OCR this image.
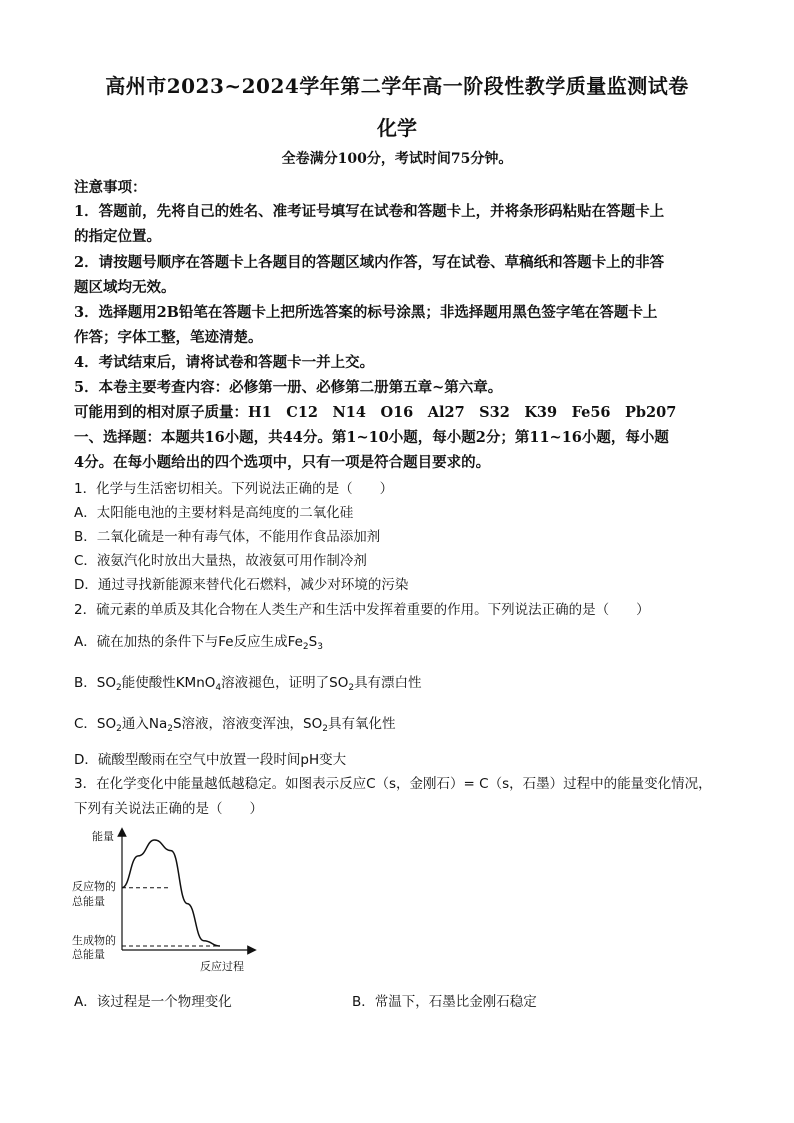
高州市2023~2024学年第二学年高一阶段性教学质量监测试卷
化学
全卷满分100分，考试时间75分钟。
注意事项：
1．答题前，先将自己的姓名、准考证号填写在试卷和答题卡上，并将条形码粘贴在答题卡上
的指定位置。
2．请按题号顺序在答题卡上各题目的答题区域内作答，写在试卷、草稿纸和答题卡上的非答
题区域均无效。
3．选择题用2B铅笔在答题卡上把所选答案的标号涂黑；非选择题用黑色签字笔在答题卡上
作答；字体工整，笔迹清楚。
4．考试结束后，请将试卷和答题卡一并上交。
5．本卷主要考查内容：必修第一册、必修第二册第五章~第六章。
可能用到的相对原子质量：H1　C12　N14　O16　Al27　S32　K39　Fe56　Pb207
一、选择题：本题共16小题，共44分。第1~10小题，每小题2分；第11~16小题，每小题
4分。在每小题给出的四个选项中，只有一项是符合题目要求的。
1．化学与生活密切相关。下列说法正确的是（　　）
A．太阳能电池的主要材料是高纯度的二氧化硅
B．二氧化硫是一种有毒气体，不能用作食品添加剂
C．液氨汽化时放出大量热，故液氨可用作制冷剂
D．通过寻找新能源来替代化石燃料，减少对环境的污染
2．硫元素的单质及其化合物在人类生产和生活中发挥着重要的作用。下列说法正确的是（　　）
A．硫在加热的条件下与Fe反应生成$Fe_2S_3$
B．$SO_2$能使酸性KMnO$_4$溶液褪色，证明了$SO_2$具有漂白性
C．$SO_2$通入$Na_2S$溶液，溶液变浑浊，$SO_2$具有氧化性
D．硫酸型酸雨在空气中放置一段时间pH变大
3．在化学变化中能量越低越稳定。如图表示反应C（s，金刚石）= C（s，石墨）过程中的能量变化情况，
下列有关说法正确的是（　　）
能量
反应物的
总能量
生成物的
总能量
反应过程
A．该过程是一个物理变化	B．常温下，石墨比金刚石稳定
